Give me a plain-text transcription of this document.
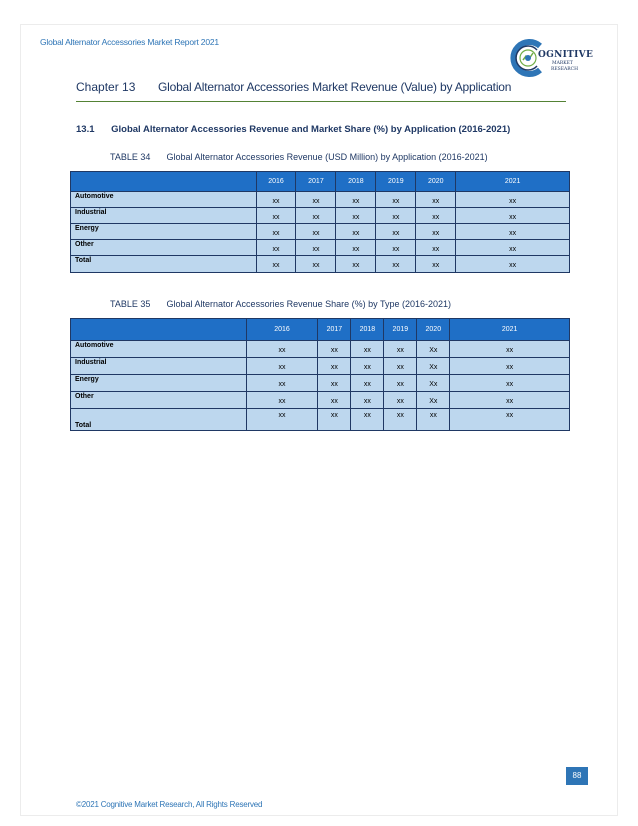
Global Alternator Accessories Market Report 2021
OGNITIVE
MARKET
RESEARCH
Chapter 13 Global Alternator Accessories Market Revenue (Value) by Application
13.1 Global Alternator Accessories Revenue and Market Share (%) by Application (2016-2021)
TABLE 34 Global Alternator Accessories Revenue (USD Million) by Application (2016-2021)
	2016	2017	2018	2019	2020	2021
Automotive	xx	xx	xx	xx	xx	xx
Industrial	xx	xx	xx	xx	xx	xx
Energy	xx	xx	xx	xx	xx	xx
Other	xx	xx	xx	xx	xx	xx
Total	xx	xx	xx	xx	xx	xx
TABLE 35 Global Alternator Accessories Revenue Share (%) by Type (2016-2021)
	2016	2017	2018	2019	2020	2021
Automotive	xx	xx	xx	xx	Xx	xx
Industrial	xx	xx	xx	xx	Xx	xx
Energy	xx	xx	xx	xx	Xx	xx
Other	xx	xx	xx	xx	Xx	xx
Total	xx	xx	xx	xx	xx	xx
88
©2021 Cognitive Market Research, All Rights Reserved
